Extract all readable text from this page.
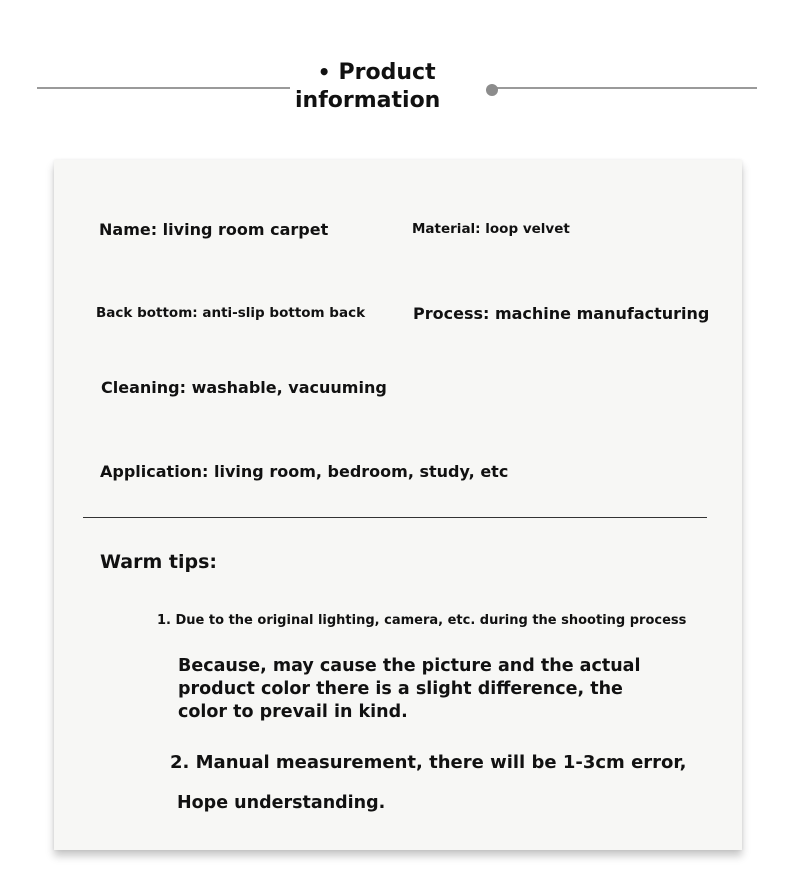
• Product
information
Name: living room carpet	Material: loop velvet
Back bottom: anti-slip bottom back	Process: machine manufacturing
Cleaning: washable, vacuuming
Application: living room, bedroom, study, etc
Warm tips:
1. Due to the original lighting, camera, etc. during the shooting process
Because, may cause the picture and the actual product color there is a slight difference, the color to prevail in kind.
2. Manual measurement, there will be 1-3cm error,
Hope understanding.
